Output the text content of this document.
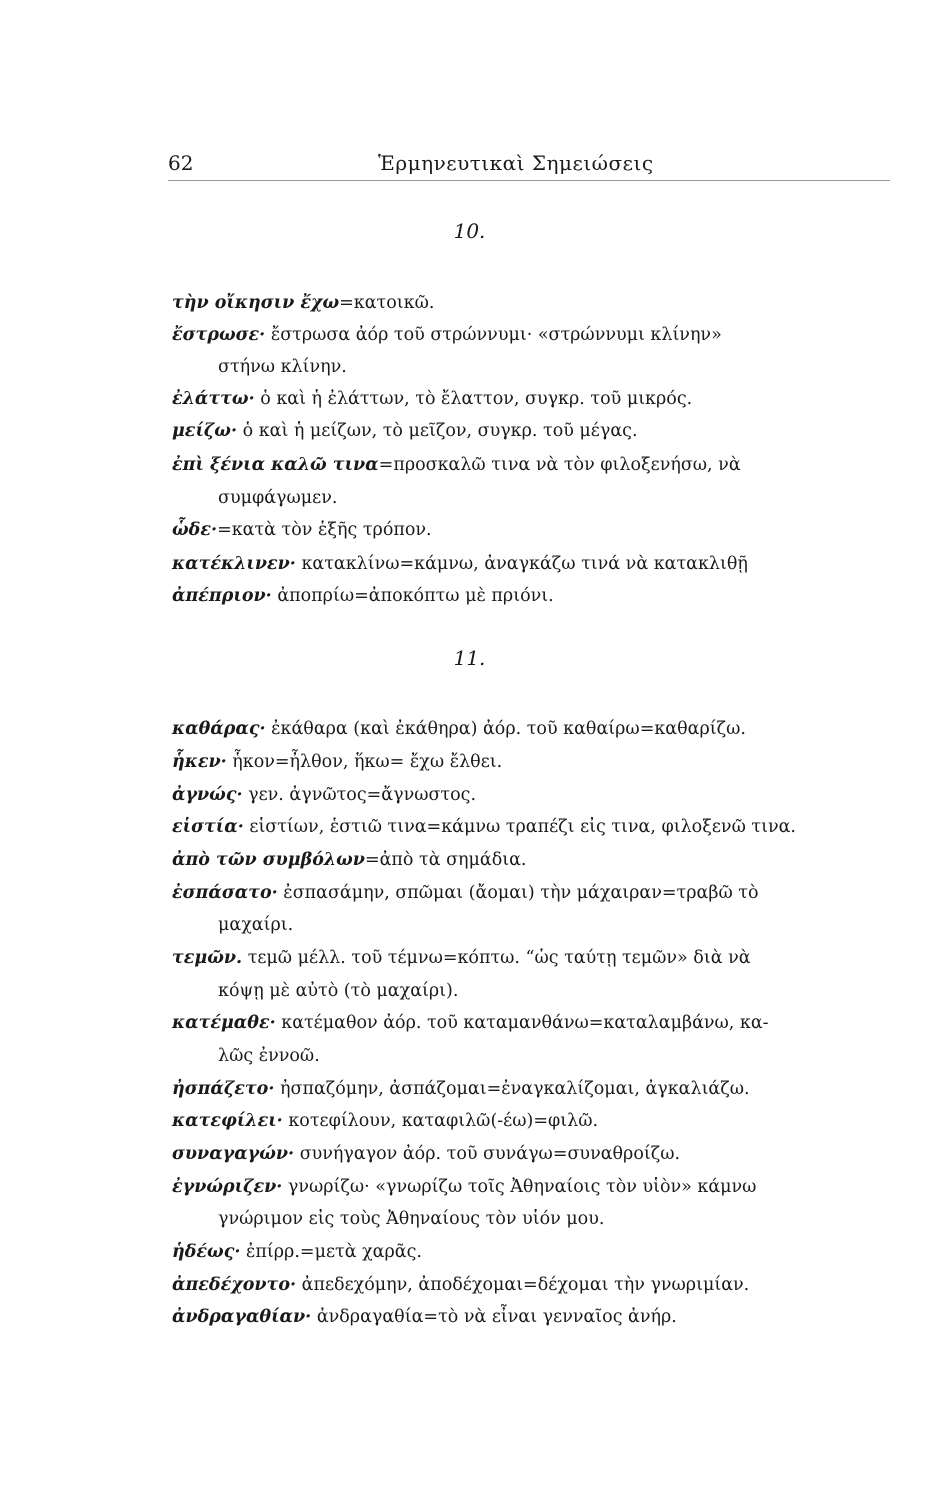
62	Ἑρμηνευτικαὶ Σημειώσεις
10.
τὴν οἴκησιν ἔχω=κατοικῶ.
ἔστρωσε· ἔστρωσα ἀόρ τοῦ στρώννυμι· «στρώννυμι κλίνην»
στήνω κλίνην.
ἐλάττω· ὁ καὶ ἡ ἐλάττων, τὸ ἔλαττον, συγκρ. τοῦ μικρός.
μείζω· ὁ καὶ ἡ μείζων, τὸ μεῖζον, συγκρ. τοῦ μέγας.
ἐπὶ ξένια καλῶ τινα=προσκαλῶ τινα νὰ τὸν φιλοξενήσω, νὰ
συμφάγωμεν.
ὧδε·=κατὰ τὸν ἑξῆς τρόπον.
κατέκλινεν· κατακλίνω=κάμνω, ἀναγκάζω τινά νὰ κατακλιθῇ
ἀπέπριον· ἀποπρίω=ἀποκόπτω μὲ πριόνι.
11.
καθάρας· ἐκάθαρα (καὶ ἐκάθηρα) ἀόρ. τοῦ καθαίρω=καθαρίζω.
ἧκεν· ἧκον=ἦλθον, ἥκω= ἔχω ἔλθει.
ἀγνώς· γεν. ἀγνῶτος=ἄγνωστος.
εἱστία· εἱστίων, ἑστιῶ τινα=κάμνω τραπέζι εἰς τινα, φιλοξενῶ τινα.
ἀπὸ τῶν συμβόλων=ἀπὸ τὰ σημάδια.
ἐσπάσατο· ἐσπασάμην, σπῶμαι (ἄομαι) τὴν μάχαιραν=τραβῶ τὸ
μαχαίρι.
τεμῶν. τεμῶ μέλλ. τοῦ τέμνω=κόπτω. “ὡς ταύτῃ τεμῶν» διὰ νὰ
κόψῃ μὲ αὐτὸ (τὸ μαχαίρι).
κατέμαθε· κατέμαθον ἀόρ. τοῦ καταμανθάνω=καταλαμβάνω, κα-
λῶς ἐννοῶ.
ἠσπάζετο· ἠσπαζόμην, ἀσπάζομαι=ἐναγκαλίζομαι, ἀγκαλιάζω.
κατεφίλει· κοτεφίλουν, καταφιλῶ(-έω)=φιλῶ.
συναγαγών· συνήγαγον ἀόρ. τοῦ συνάγω=συναθροίζω.
ἐγνώριζεν· γνωρίζω· «γνωρίζω τοῖς Ἀθηναίοις τὸν υἱὸν» κάμνω
γνώριμον εἰς τοὺς Ἀθηναίους τὸν υἱόν μου.
ἡδέως· ἐπίρρ.=μετὰ χαρᾶς.
ἀπεδέχοντο· ἀπεδεχόμην, ἀποδέχομαι=δέχομαι τὴν γνωριμίαν.
ἀνδραγαθίαν· ἀνδραγαθία=τὸ νὰ εἶναι γενναῖος ἀνήρ.
